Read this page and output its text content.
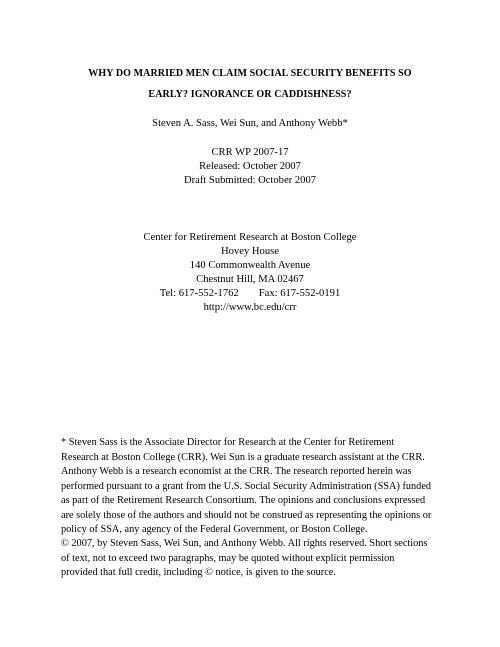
WHY DO MARRIED MEN CLAIM SOCIAL SECURITY BENEFITS SO
EARLY? IGNORANCE OR CADDISHNESS?
Steven A. Sass, Wei Sun, and Anthony Webb*
CRR WP 2007-17
Released: October 2007
Draft Submitted: October 2007
Center for Retirement Research at Boston College
Hovey House
140 Commonwealth Avenue
Chestnut Hill, MA 02467
Tel: 617-552-1762 Fax: 617-552-0191
http://www.bc.edu/crr
* Steven Sass is the Associate Director for Research at the Center for Retirement
Research at Boston College (CRR). Wei Sun is a graduate research assistant at the CRR.
Anthony Webb is a research economist at the CRR. The research reported herein was
performed pursuant to a grant from the U.S. Social Security Administration (SSA) funded
as part of the Retirement Research Consortium. The opinions and conclusions expressed
are solely those of the authors and should not be construed as representing the opinions or
policy of SSA, any agency of the Federal Government, or Boston College.
© 2007, by Steven Sass, Wei Sun, and Anthony Webb. All rights reserved. Short sections
of text, not to exceed two paragraphs, may be quoted without explicit permission
provided that full credit, including © notice, is given to the source.
